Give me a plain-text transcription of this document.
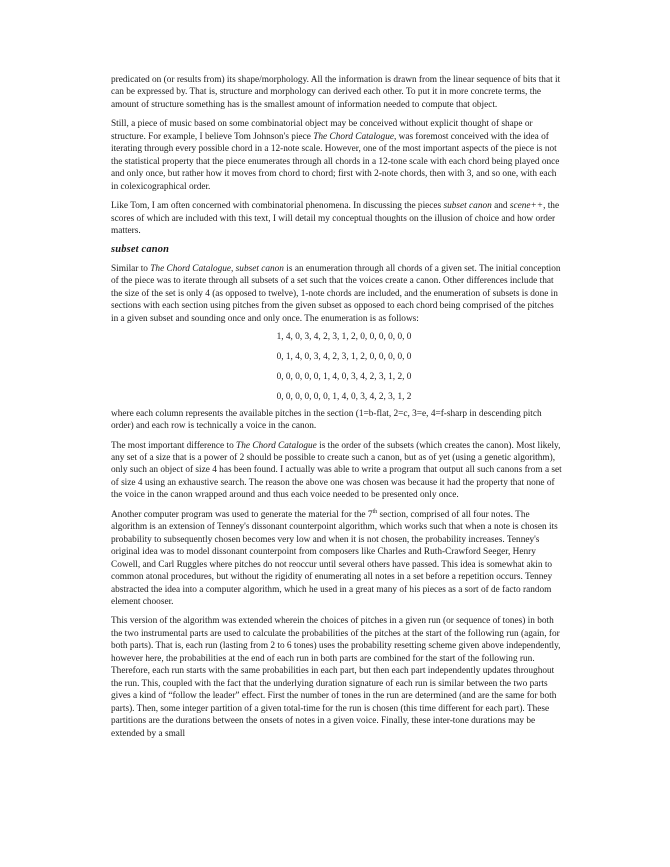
predicated on (or results from) its shape/morphology. All the information is drawn from the linear sequence of bits that it can be expressed by. That is, structure and morphology can derived each other. To put it in more concrete terms, the amount of structure something has is the smallest amount of information needed to compute that object.

Still, a piece of music based on some combinatorial object may be conceived without explicit thought of shape or structure. For example, I believe Tom Johnson's piece The Chord Catalogue, was foremost conceived with the idea of iterating through every possible chord in a 12-note scale. However, one of the most important aspects of the piece is not the statistical property that the piece enumerates through all chords in a 12-tone scale with each chord being played once and only once, but rather how it moves from chord to chord; first with 2-note chords, then with 3, and so one, with each in colexicographical order.

Like Tom, I am often concerned with combinatorial phenomena. In discussing the pieces subset canon and scene++, the scores of which are included with this text, I will detail my conceptual thoughts on the illusion of choice and how order matters.

subset canon

Similar to The Chord Catalogue, subset canon is an enumeration through all chords of a given set. The initial conception of the piece was to iterate through all subsets of a set such that the voices create a canon. Other differences include that the size of the set is only 4 (as opposed to twelve), 1-note chords are included, and the enumeration of subsets is done in sections with each section using pitches from the given subset as opposed to each chord being comprised of the pitches in a given subset and sounding once and only once. The enumeration is as follows:

1, 4, 0, 3, 4, 2, 3, 1, 2, 0, 0, 0, 0, 0, 0
0, 1, 4, 0, 3, 4, 2, 3, 1, 2, 0, 0, 0, 0, 0
0, 0, 0, 0, 0, 1, 4, 0, 3, 4, 2, 3, 1, 2, 0
0, 0, 0, 0, 0, 0, 1, 4, 0, 3, 4, 2, 3, 1, 2

where each column represents the available pitches in the section (1=b-flat, 2=c, 3=e, 4=f-sharp in descending pitch order) and each row is technically a voice in the canon.

The most important difference to The Chord Catalogue is the order of the subsets (which creates the canon). Most likely, any set of a size that is a power of 2 should be possible to create such a canon, but as of yet (using a genetic algorithm), only such an object of size 4 has been found. I actually was able to write a program that output all such canons from a set of size 4 using an exhaustive search. The reason the above one was chosen was because it had the property that none of the voice in the canon wrapped around and thus each voice needed to be presented only once.

Another computer program was used to generate the material for the 7th section, comprised of all four notes. The algorithm is an extension of Tenney's dissonant counterpoint algorithm, which works such that when a note is chosen its probability to subsequently chosen becomes very low and when it is not chosen, the probability increases. Tenney's original idea was to model dissonant counterpoint from composers like Charles and Ruth-Crawford Seeger, Henry Cowell, and Carl Ruggles where pitches do not reoccur until several others have passed. This idea is somewhat akin to common atonal procedures, but without the rigidity of enumerating all notes in a set before a repetition occurs. Tenney abstracted the idea into a computer algorithm, which he used in a great many of his pieces as a sort of de facto random element chooser.

This version of the algorithm was extended wherein the choices of pitches in a given run (or sequence of tones) in both the two instrumental parts are used to calculate the probabilities of the pitches at the start of the following run (again, for both parts). That is, each run (lasting from 2 to 6 tones) uses the probability resetting scheme given above independently, however here, the probabilities at the end of each run in both parts are combined for the start of the following run. Therefore, each run starts with the same probabilities in each part, but then each part independently updates throughout the run. This, coupled with the fact that the underlying duration signature of each run is similar between the two parts gives a kind of “follow the leader” effect. First the number of tones in the run are determined (and are the same for both parts). Then, some integer partition of a given total-time for the run is chosen (this time different for each part). These partitions are the durations between the onsets of notes in a given voice. Finally, these inter-tone durations may be extended by a small
